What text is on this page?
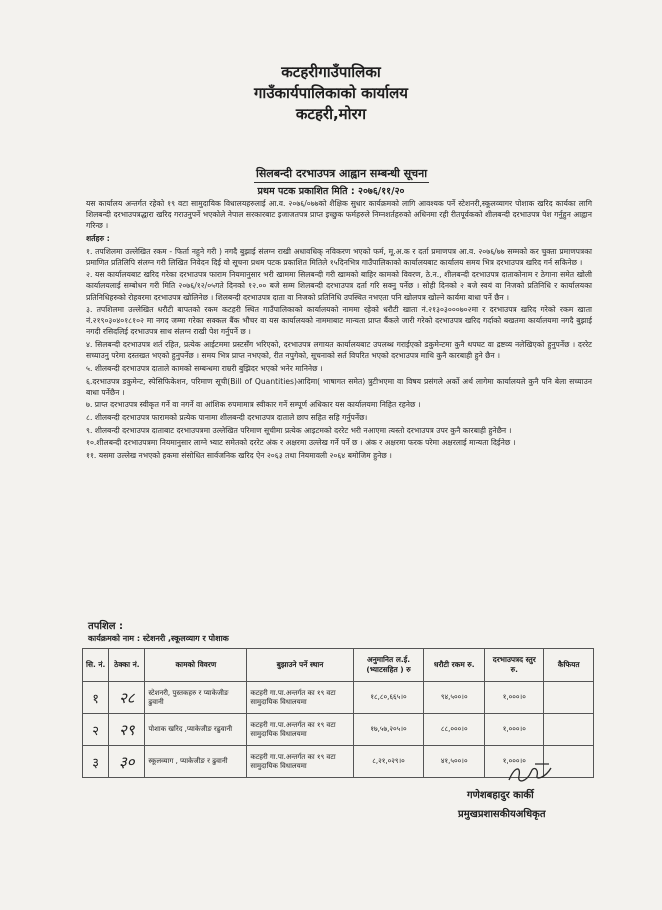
कटहरीगाउँपालिका
गाउँकार्यपालिकाको कार्यालय
कटहरी,मोरग
सिलबन्दी दरभाउपत्र आह्वान सम्बन्धी सूचना
प्रथम पटक प्रकाशित मिति : २०७६/११/२०

यस कार्यालय अन्तर्गत रहेको १९ वटा सामुदायिक विधालयहरुलाई आ.व. २०७६/०७७को शैक्षिक सुधार कार्यक्रमको लागि आवश्यक पर्ने स्टेशनरी,स्कूलव्यागर पोशाक खरिद कार्यका लागि शिलबन्दी दरभाउपत्रद्धारा खरिद गराउनुपर्ने भएकोले नेपाल सरकारबाट इजाजतपत्र प्राप्त इच्छुक फर्महरुले निम्नशर्तहरुको अधिनमा रही रीतपूर्वकको शीलबन्दी दरभाउपत्र पेश गर्नुहुन आह्वान गरिन्छ ।

शर्तहरु :

१. तपशिलमा उल्लेखित रकम - फिर्ता नहुने गरी ) नगदै बुझाई संलग्न राखी अधावधिक् नविकरण भएको फर्म, मू.अ.क र दर्ता प्रमाणपत्र आ.व. २०७६/७७ सम्मको कर चुक्ता प्रमाणपत्रका प्रमाणित प्रतिलिपि संलग्न गरी लिखित निवेदन दिई यो सूचना प्रथम पटक प्रकाशित मितिले १५दिनभित्र गाउँपालिकाको कार्यालयबाट कार्यालय समय भित्र दरभाउपत्र खरिद गर्न सकिनेछ ।

२. यस कार्यालयबाट खरिद गरेका दरभाउपत्र फाराम नियमानुसार भरी खाममा सिलबन्दी गरी खामको बाहिर कामको विवरण, ठे.न., शीलबन्दी दरभाउपत्र दाताकोनाम र ठेगाना समेत खोली कार्यालयलाई सम्बोधन गरी मिति २०७६/१२/०५गते दिनको १२.०० बजे सम्म शिलबन्दी दरभाउपत्र दर्ता गरि सक्नु पर्नेछ । सोही दिनको २ बजे स्वयं वा निजको प्रतिनिधि र कार्यालयका प्रतिनिधिहरुको रोहवरमा दरभाउपत्र खोलिनेछ । शिलबन्दी दरभाउपत्र दाता वा निजको प्रतिनिधि उपस्थित नभएता पनि खोलपत्र खोल्ने कार्यमा बाधा पर्ने छैन ।

३. तपशिलमा उल्लेखित धरौटी बापतको रकम कटहरी स्थित गाउँपालिकाको कार्यालयको नाममा रहेको धरौटी खाता नं.२१३०३०००७०२मा र दरभाउपत्र खरिद गरेको रकम खाता नं.२१९०३०४०१८१०२ मा नगद जम्मा गरेका सक्कल बैंक भौचर वा यस कार्यालयको नाममाबाट मान्यता प्राप्त बैंकले जारी गरेको दरभाउपत्र खरिद गर्दाको बखतमा कार्यालयमा नगदै बुझाई नगदी रसिदलिई दरभाउपत्र साथ संलग्न राखी पेश गर्नुपर्ने छ ।

४. सिलबन्दी दरभाउपत्र शर्त रहित, प्रत्येक आईटममा प्रस्टसँग भरिएको, दरभाउपत्र लगायत कार्यालयबाट उपलब्ध गराईएको डकुमेन्टमा कुनै थपघट वा द्रष्टव्य नलेखिएको हुनुपर्नेछ । दररेट सच्याउनु परेमा दस्तखत भएको हुनुपर्नेछ । समय भित्र प्राप्त नभएको, रीत नपुगेको, सूचनाको सर्त विपरित भएको दरभाउपत्र माथि कुनै कारबाही हुने छैन ।

५. शीलबन्दी दरभाउपत्र दाताले कामको सम्बन्धमा राम्ररी बुझिदर भएको भनेर मानिनेछ ।

६.दरभाउपत्र डकुमेन्ट, स्पेसिफिकेशन, परिमाण सूची(Bill of Quantities)आदिमा( भाषागत समेत) त्रुटीभएमा वा विषय प्रसंगले अर्को अर्थ लागेमा कार्यालयले कुनै पनि बेला सच्याउन बाधा पर्नेछैन ।

७. प्राप्त दरभाउपत्र स्वीकृत गर्ने वा नगर्ने वा आंशिक रुपमामात्र स्वीकार गर्ने सम्पूर्ण अधिकार यस कार्यालयमा निहित रहनेछ ।

८. शीलबन्दी दरभाउपत्र फारामको प्रत्येक पानामा शीलबन्दी दरभाउपत्र दाताले छाप सहित सहि गर्नुपर्नेछ।

९. शीलबन्दी दरभाउपत्र दाताबाट दरभाउपत्रमा उल्लेखित परिमाण सूचीमा प्रत्येक आइटमको दररेट भरी नआएमा त्यस्तो दरभाउपत्र उपर कुनै कारबाही हुनेछैन ।

१०.शीलबन्दी दरभाउपत्रमा नियमानुसार लाग्ने भ्याट समेतको दररेट अंक र अक्षरमा उल्लेख गर्ने पर्ने छ । अंक र अक्षरमा फरक परेमा अक्षरलाई मान्यता दिईनेछ ।

११. यसमा उल्लेख नभएको हकमा संसोधित सार्वजनिक खरिद ऐन २०६३ तथा नियमावली २०६४ बमोजिम हुनेछ ।

तपशिल :
कार्यक्रमको नाम : स्टेशनरी ,स्कूलव्याग र पोशाक
सि. नं.	ठेक्का नं.	कामको विवरण	बुझाउने पर्ने स्थान	अनुमानित ल.ई. (भ्याटसहित ) रु	धरौटी रकम रु.	दरभाउपत्रद स्तुर रु.	कैफियत
१	२८	स्टेशनरी, पुस्तकहरु र प्याकेजीङ ढुवानी	कटहरी गा.पा.अन्तर्गत का १९ वटा सामुदायिक विधालयमा	१८,८०,६६५।०	९४,५००।०	१,०००।०	
२	२९	पोशाक खरिद ,प्याकेजीङ रढुवानी	कटहरी गा.पा.अन्तर्गत का १९ वटा सामुदायिक विधालयमा	१७,५७,२०५।०	८८,०००।०	१,०००।०	
३	३०	स्कूलव्याग , प्याकेजीङ र ढुवानी	कटहरी गा.पा.अन्तर्गत का १९ वटा सामुदायिक विधालयमा	८,२१,०२९।०	४१,५००।०	१,०००।०	
गणेशबहादुर कार्की
प्रमुखप्रशासकीयअधिकृत
